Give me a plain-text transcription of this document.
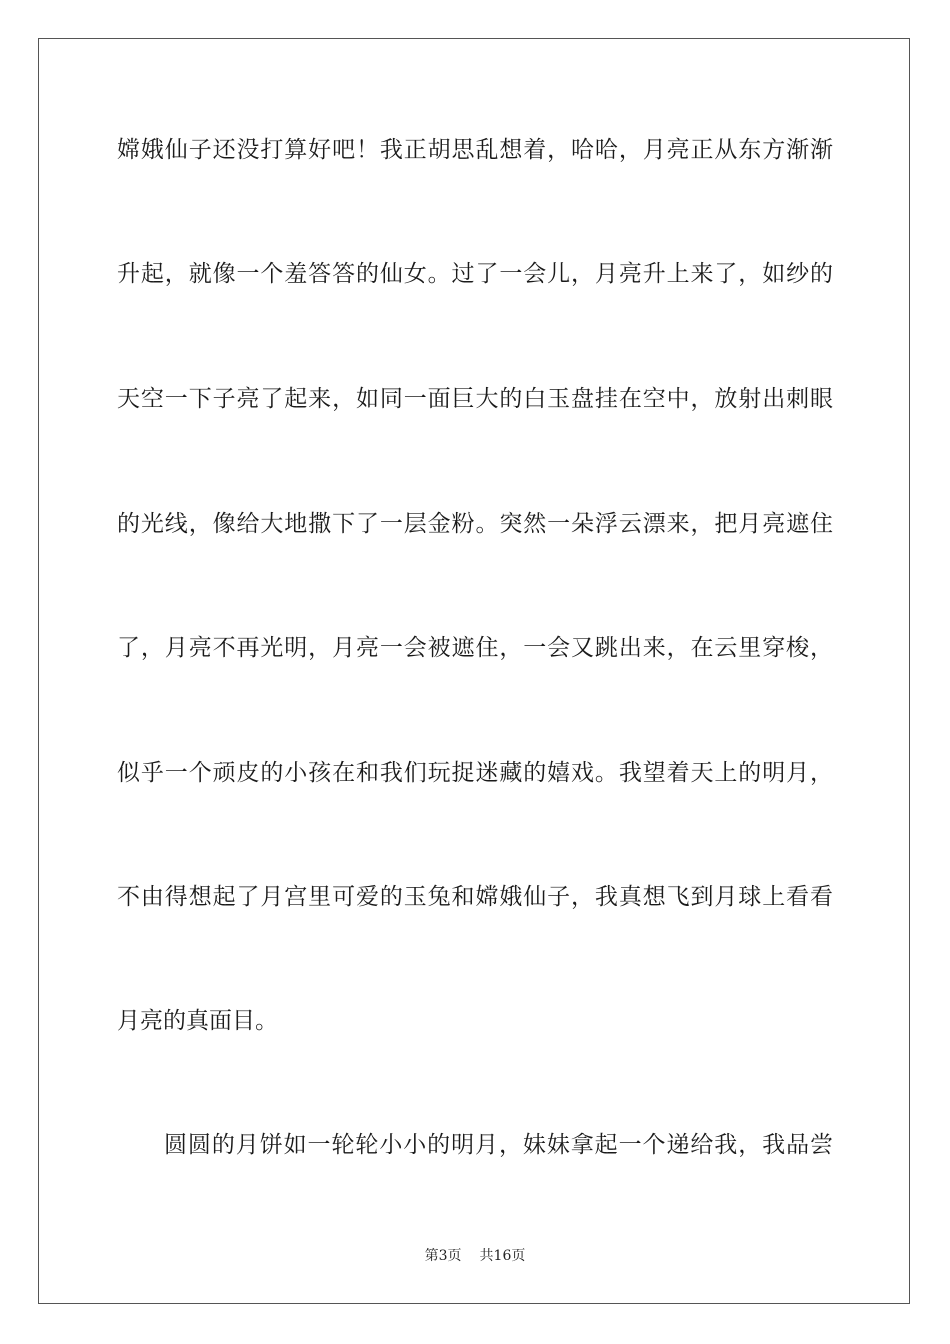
嫦娥仙子还没打算好吧！我正胡思乱想着，哈哈，月亮正从东方渐渐
升起，就像一个羞答答的仙女。过了一会儿，月亮升上来了，如纱的
天空一下子亮了起来，如同一面巨大的白玉盘挂在空中，放射出刺眼
的光线，像给大地撒下了一层金粉。突然一朵浮云漂来，把月亮遮住
了，月亮不再光明，月亮一会被遮住，一会又跳出来，在云里穿梭，
似乎一个顽皮的小孩在和我们玩捉迷藏的嬉戏。我望着天上的明月，
不由得想起了月宫里可爱的玉兔和嫦娥仙子，我真想飞到月球上看看
月亮的真面目。
圆圆的月饼如一轮轮小小的明月，妹妹拿起一个递给我，我品尝
第3页 共16页
